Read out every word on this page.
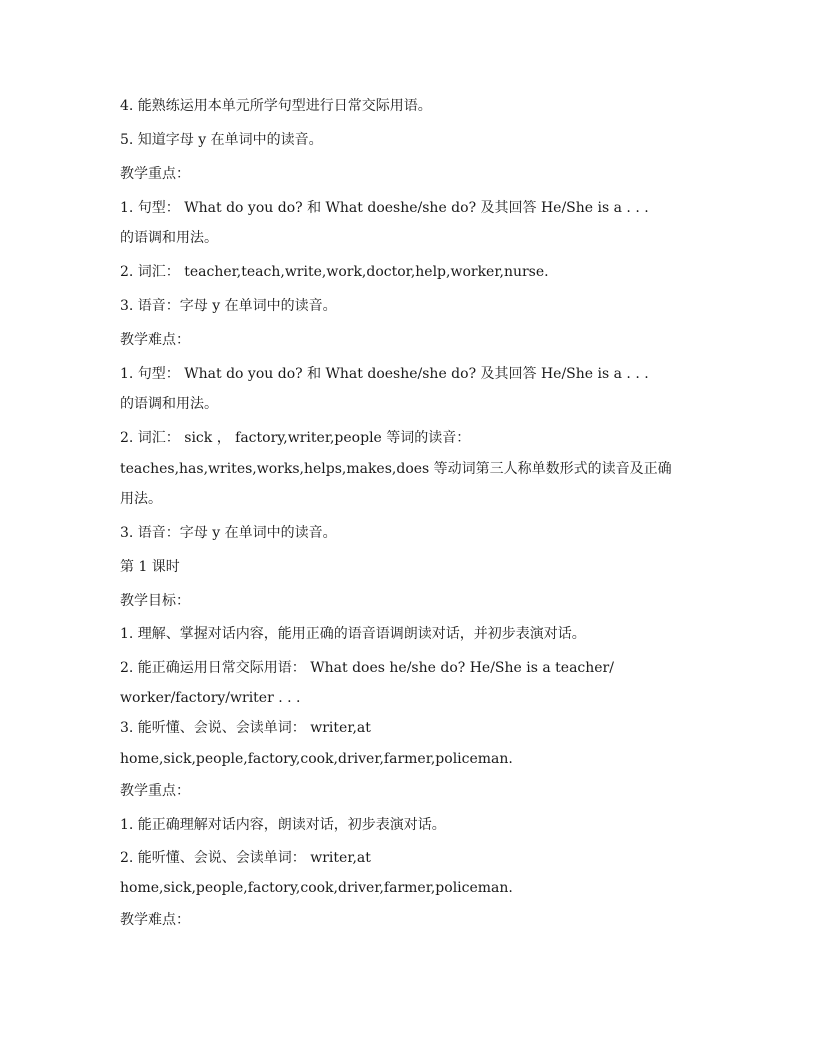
4. 能熟练运用本单元所学句型进行日常交际用语。
5. 知道字母 y 在单词中的读音。
教学重点：
1. 句型： What do you do? 和 What doeshe/she do? 及其回答 He/She is a . . .
的语调和用法。
2. 词汇： teacher,teach,write,work,doctor,help,worker,nurse.
3. 语音：字母 y 在单词中的读音。
教学难点：
1. 句型： What do you do? 和 What doeshe/she do? 及其回答 He/She is a . . .
的语调和用法。
2. 词汇： sick ， factory,writer,people 等词的读音：
teaches,has,writes,works,helps,makes,does 等动词第三人称单数形式的读音及正确
用法。
3. 语音：字母 y 在单词中的读音。
第 1 课时
教学目标：
1. 理解、掌握对话内容，能用正确的语音语调朗读对话，并初步表演对话。
2. 能正确运用日常交际用语： What does he/she do? He/She is a teacher/
worker/factory/writer . . .
3. 能听懂、会说、会读单词： writer,at
home,sick,people,factory,cook,driver,farmer,policeman.
教学重点：
1. 能正确理解对话内容，朗读对话，初步表演对话。
2. 能听懂、会说、会读单词： writer,at
home,sick,people,factory,cook,driver,farmer,policeman.
教学难点：
